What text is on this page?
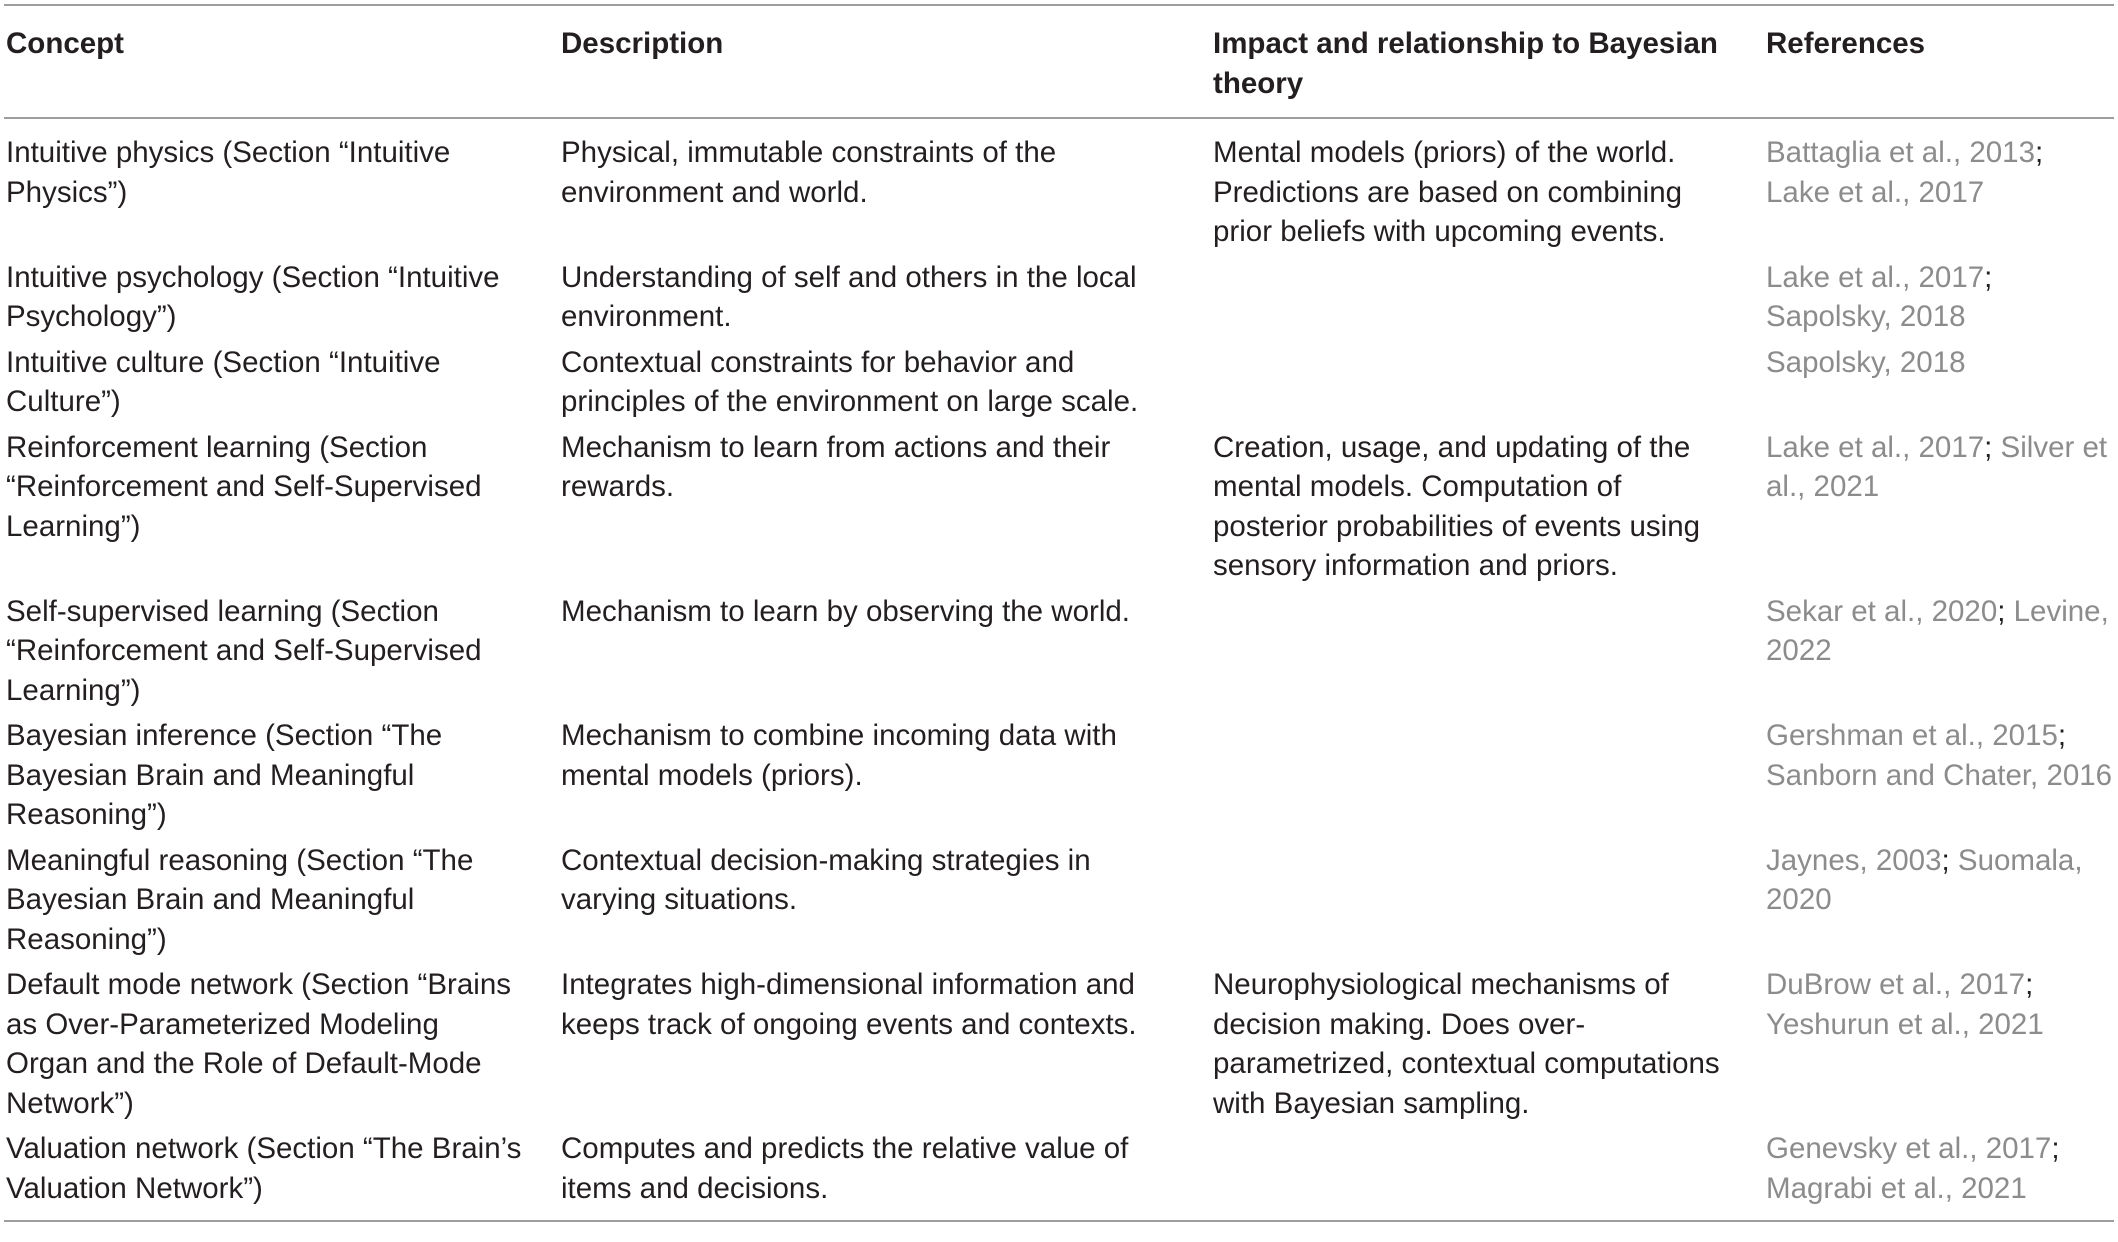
Concept	Description	Impact and relationship to Bayesian theory	References
Intuitive physics (Section “Intuitive Physics”)	Physical, immutable constraints of the environment and world.	Mental models (priors) of the world. Predictions are based on combining prior beliefs with upcoming events.	Battaglia et al., 2013; Lake et al., 2017
Intuitive psychology (Section “Intuitive Psychology”)	Understanding of self and others in the local environment.		Lake et al., 2017; Sapolsky, 2018
Intuitive culture (Section “Intuitive Culture”)	Contextual constraints for behavior and principles of the environment on large scale.		Sapolsky, 2018
Reinforcement learning (Section “Reinforcement and Self-Supervised Learning”)	Mechanism to learn from actions and their rewards.	Creation, usage, and updating of the mental models. Computation of posterior probabilities of events using sensory information and priors.	Lake et al., 2017; Silver et al., 2021
Self-supervised learning (Section “Reinforcement and Self-Supervised Learning”)	Mechanism to learn by observing the world.		Sekar et al., 2020; Levine, 2022
Bayesian inference (Section “The Bayesian Brain and Meaningful Reasoning”)	Mechanism to combine incoming data with mental models (priors).		Gershman et al., 2015; Sanborn and Chater, 2016
Meaningful reasoning (Section “The Bayesian Brain and Meaningful Reasoning”)	Contextual decision-making strategies in varying situations.		Jaynes, 2003; Suomala, 2020
Default mode network (Section “Brains as Over-Parameterized Modeling Organ and the Role of Default-Mode Network”)	Integrates high-dimensional information and keeps track of ongoing events and contexts.	Neurophysiological mechanisms of decision making. Does over-parametrized, contextual computations with Bayesian sampling.	DuBrow et al., 2017; Yeshurun et al., 2021
Valuation network (Section “The Brain’s Valuation Network”)	Computes and predicts the relative value of items and decisions.		Genevsky et al., 2017; Magrabi et al., 2021
